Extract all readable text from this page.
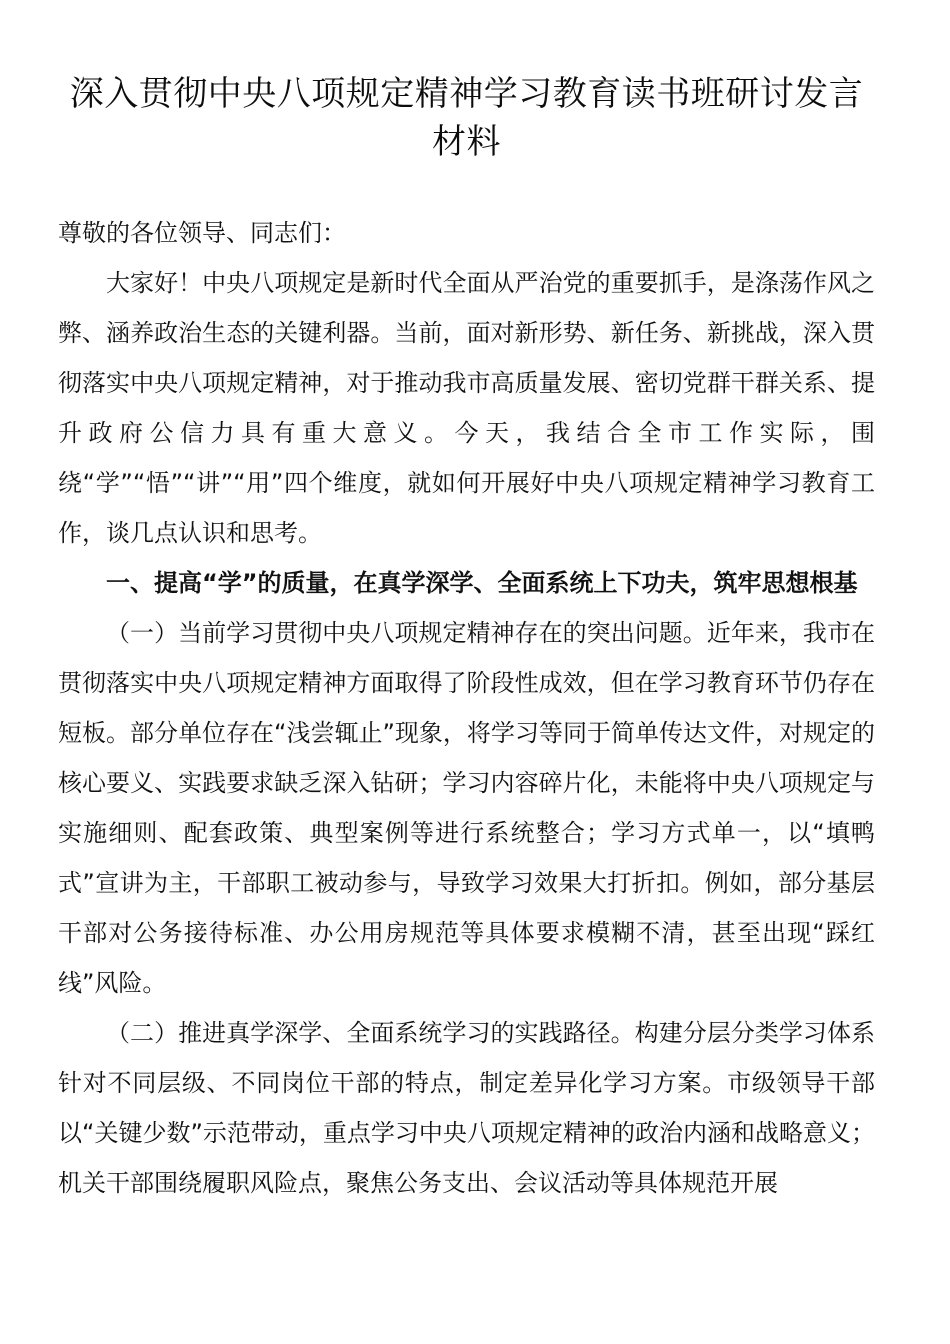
深入贯彻中央八项规定精神学习教育读书班研讨发言材料

尊敬的各位领导、同志们：

大家好！中央八项规定是新时代全面从严治党的重要抓手，是涤荡作风之弊、涵养政治生态的关键利器。当前，面对新形势、新任务、新挑战，深入贯彻落实中央八项规定精神，对于推动我市高质量发展、密切党群干群关系、提升政府公信力具有重大意义。今天，我结合全市工作实际，围绕“学”“悟”“讲”“用”四个维度，就如何开展好中央八项规定精神学习教育工作，谈几点认识和思考。

一、提高“学”的质量，在真学深学、全面系统上下功夫，筑牢思想根基

（一）当前学习贯彻中央八项规定精神存在的突出问题。近年来，我市在贯彻落实中央八项规定精神方面取得了阶段性成效，但在学习教育环节仍存在短板。部分单位存在“浅尝辄止”现象，将学习等同于简单传达文件，对规定的核心要义、实践要求缺乏深入钻研；学习内容碎片化，未能将中央八项规定与实施细则、配套政策、典型案例等进行系统整合；学习方式单一，以“填鸭式”宣讲为主，干部职工被动参与，导致学习效果大打折扣。例如，部分基层干部对公务接待标准、办公用房规范等具体要求模糊不清，甚至出现“踩红线”风险。

（二）推进真学深学、全面系统学习的实践路径。构建分层分类学习体系针对不同层级、不同岗位干部的特点，制定差异化学习方案。市级领导干部以“关键少数”示范带动，重点学习中央八项规定精神的政治内涵和战略意义；机关干部围绕履职风险点，聚焦公务支出、会议活动等具体规范开展
